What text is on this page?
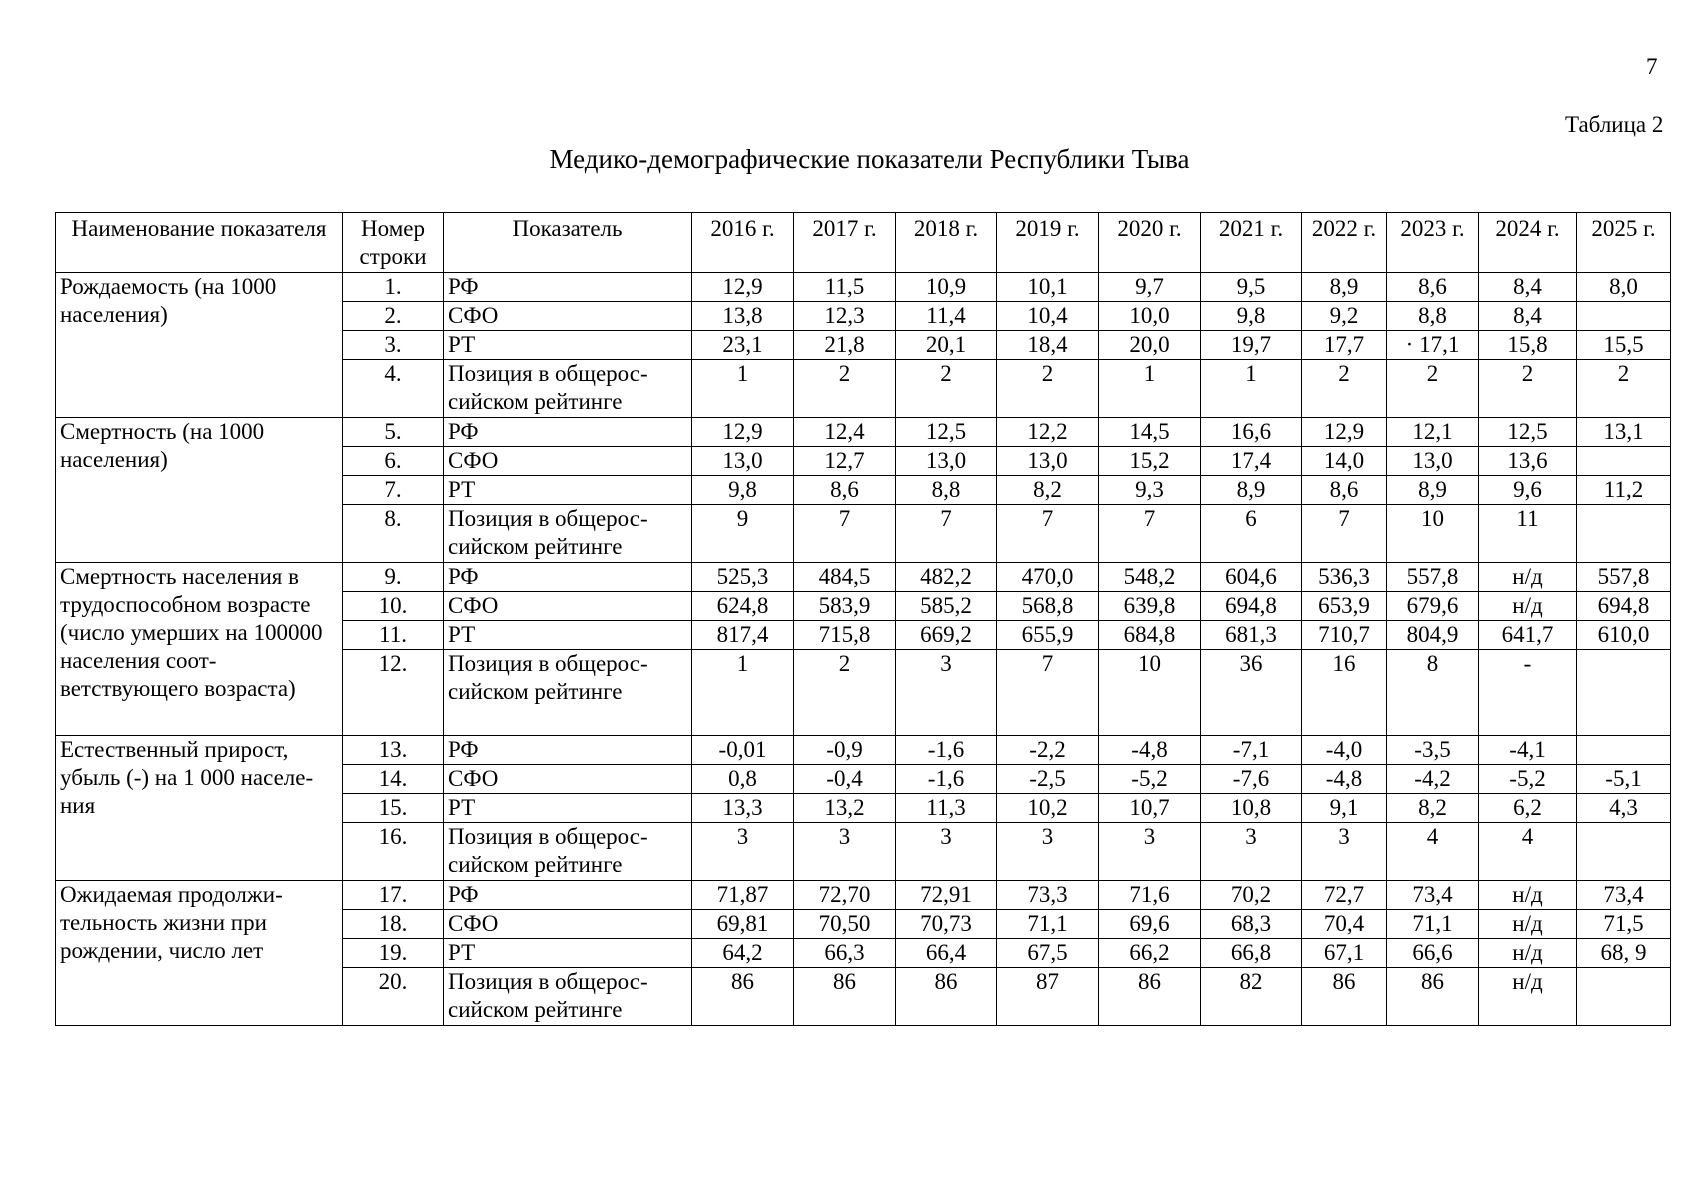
7
Таблица 2
Медико-демографические показатели Республики Тыва
Наименование показателя	Номер строки	Показатель	2016 г.	2017 г.	2018 г.	2019 г.	2020 г.	2021 г.	2022 г.	2023 г.	2024 г.	2025 г.
Рождаемость (на 1000 населения)	1.	РФ	12,9	11,5	10,9	10,1	9,7	9,5	8,9	8,6	8,4	8,0
	2.	СФО	13,8	12,3	11,4	10,4	10,0	9,8	9,2	8,8	8,4	
	3.	РТ	23,1	21,8	20,1	18,4	20,0	19,7	17,7	· 17,1	15,8	15,5
	4.	Позиция в общерос-сийском рейтинге	1	2	2	2	1	1	2	2	2	2
Смертность (на 1000 населения)	5.	РФ	12,9	12,4	12,5	12,2	14,5	16,6	12,9	12,1	12,5	13,1
	6.	СФО	13,0	12,7	13,0	13,0	15,2	17,4	14,0	13,0	13,6	
	7.	РТ	9,8	8,6	8,8	8,2	9,3	8,9	8,6	8,9	9,6	11,2
	8.	Позиция в общерос-сийском рейтинге	9	7	7	7	7	6	7	10	11	
Смертность населения в трудоспособном возрасте (число умерших на 100000 населения соот-ветствующего возраста)	9.	РФ	525,3	484,5	482,2	470,0	548,2	604,6	536,3	557,8	н/д	557,8
	10.	СФО	624,8	583,9	585,2	568,8	639,8	694,8	653,9	679,6	н/д	694,8
	11.	РТ	817,4	715,8	669,2	655,9	684,8	681,3	710,7	804,9	641,7	610,0
	12.	Позиция в общерос-сийском рейтинге	1	2	3	7	10	36	16	8	-	
Естественный прирост, убыль (-) на 1 000 населе-ния	13.	РФ	-0,01	-0,9	-1,6	-2,2	-4,8	-7,1	-4,0	-3,5	-4,1	
	14.	СФО	0,8	-0,4	-1,6	-2,5	-5,2	-7,6	-4,8	-4,2	-5,2	-5,1
	15.	РТ	13,3	13,2	11,3	10,2	10,7	10,8	9,1	8,2	6,2	4,3
	16.	Позиция в общерос-сийском рейтинге	3	3	3	3	3	3	3	4	4	
Ожидаемая продолжи-тельность жизни при рождении, число лет	17.	РФ	71,87	72,70	72,91	73,3	71,6	70,2	72,7	73,4	н/д	73,4
	18.	СФО	69,81	70,50	70,73	71,1	69,6	68,3	70,4	71,1	н/д	71,5
	19.	РТ	64,2	66,3	66,4	67,5	66,2	66,8	67,1	66,6	н/д	68, 9
	20.	Позиция в общерос-сийском рейтинге	86	86	86	87	86	82	86	86	н/д	
